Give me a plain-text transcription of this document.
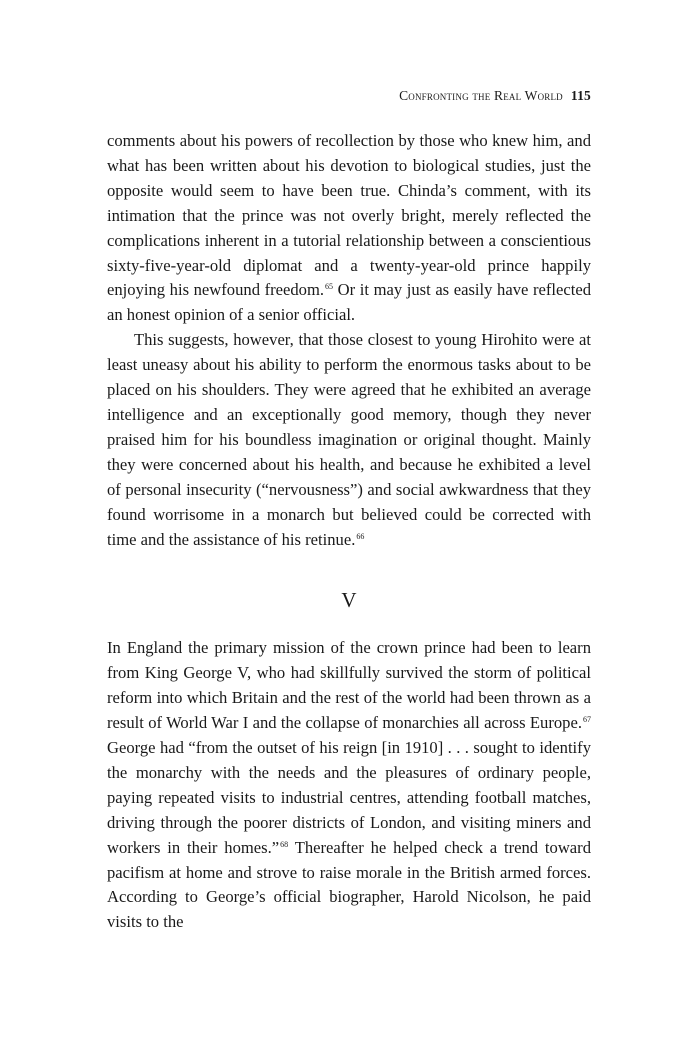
Confronting the Real World 115

comments about his powers of recollection by those who knew him, and what has been written about his devotion to biological studies, just the opposite would seem to have been true. Chinda’s comment, with its intimation that the prince was not overly bright, merely reflected the complications inherent in a tutorial relationship between a conscientious sixty-five-year-old diplomat and a twenty-year-old prince happily enjoying his newfound freedom.$^{65}$ Or it may just as easily have reflected an honest opinion of a senior official.

This suggests, however, that those closest to young Hirohito were at least uneasy about his ability to perform the enormous tasks about to be placed on his shoulders. They were agreed that he exhibited an average intelligence and an exceptionally good memory, though they never praised him for his boundless imagination or original thought. Mainly they were concerned about his health, and because he exhibited a level of personal insecurity (“nervousness”) and social awkwardness that they found worrisome in a monarch but believed could be corrected with time and the assistance of his retinue.$^{66}$

V

In England the primary mission of the crown prince had been to learn from King George V, who had skillfully survived the storm of political reform into which Britain and the rest of the world had been thrown as a result of World War I and the collapse of monarchies all across Europe.$^{67}$ George had “from the outset of his reign [in 1910] . . . sought to identify the monarchy with the needs and the pleasures of ordinary people, paying repeated visits to industrial centres, attending football matches, driving through the poorer districts of London, and visiting miners and workers in their homes.”$^{68}$ Thereafter he helped check a trend toward pacifism at home and strove to raise morale in the British armed forces. According to George’s official biographer, Harold Nicolson, he paid visits to the
